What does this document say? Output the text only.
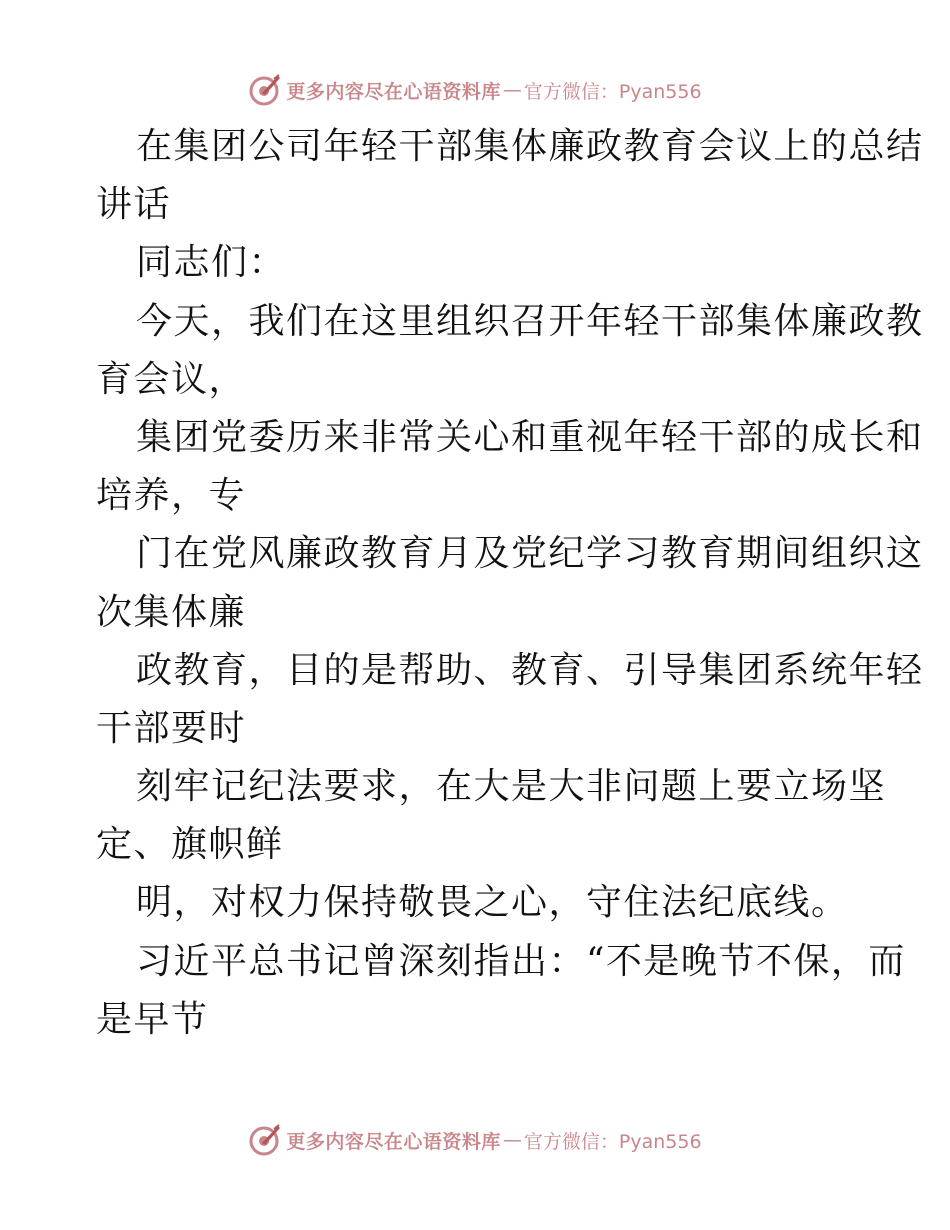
更多内容尽在心语资料库 — 官方微信：Pyan556
在集团公司年轻干部集体廉政教育会议上的总结
讲话
同志们：
今天，我们在这里组织召开年轻干部集体廉政教
育会议，
集团党委历来非常关心和重视年轻干部的成长和
培养，专
门在党风廉政教育月及党纪学习教育期间组织这
次集体廉
政教育，目的是帮助、教育、引导集团系统年轻
干部要时
刻牢记纪法要求，在大是大非问题上要立场坚
定、旗帜鲜
明，对权力保持敬畏之心，守住法纪底线。
习近平总书记曾深刻指出：“不是晚节不保，而
是早节
更多内容尽在心语资料库 — 官方微信：Pyan556
